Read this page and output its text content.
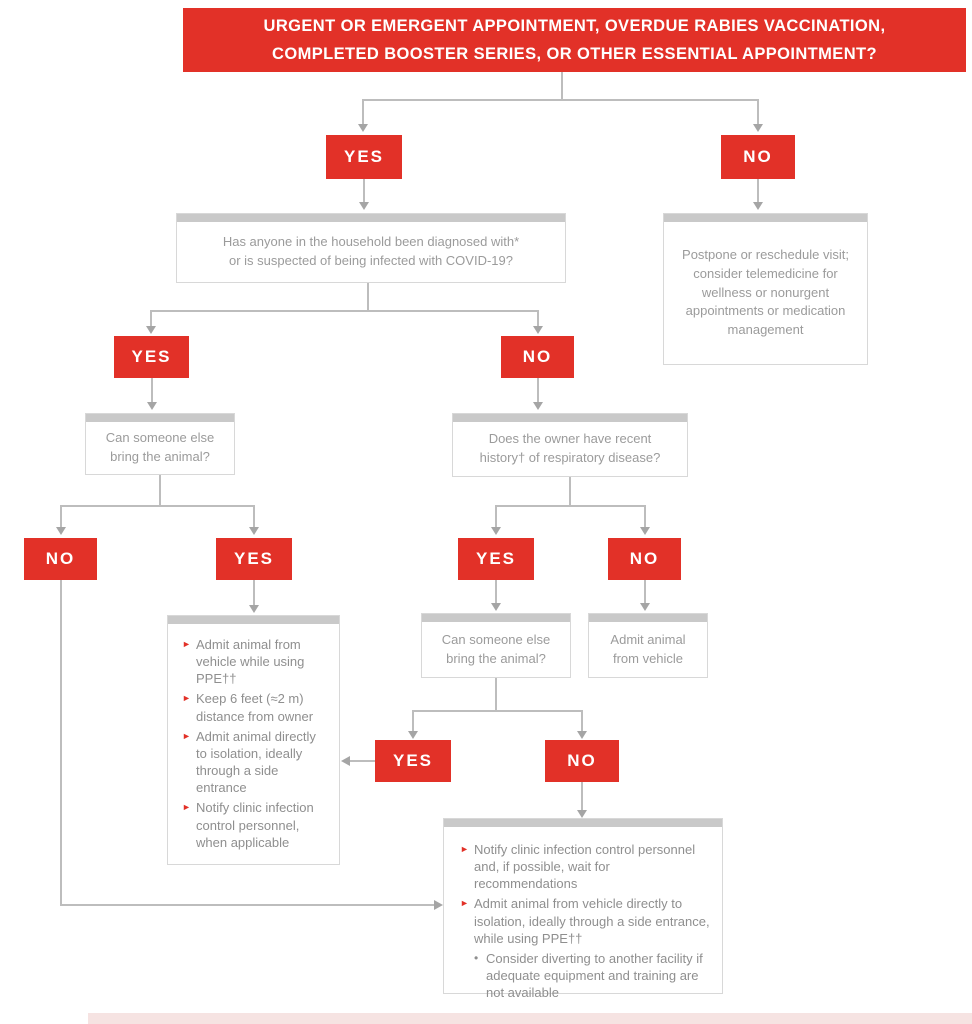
URGENT OR EMERGENT APPOINTMENT, OVERDUE RABIES VACCINATION,
COMPLETED BOOSTER SERIES, OR OTHER ESSENTIAL APPOINTMENT?
YES	NO
Has anyone in the household been diagnosed with*
or is suspected of being infected with COVID-19?	Postpone or reschedule visit; consider telemedicine for wellness or nonurgent appointments or medication management
YES	NO
Can someone else bring the animal?
Does the owner have recent history† of respiratory disease?
NO	YES	YES	NO
► Admit animal from vehicle while using PPE††
► Keep 6 feet (≈2 m) distance from owner
► Admit animal directly to isolation, ideally through a side entrance
► Notify clinic infection control personnel, when applicable
Can someone else bring the animal?
Admit animal from vehicle
YES	NO
► Notify clinic infection control personnel and, if possible, wait for recommendations
► Admit animal from vehicle directly to isolation, ideally through a side entrance, while using PPE††
• Consider diverting to another facility if adequate equipment and training are not available
